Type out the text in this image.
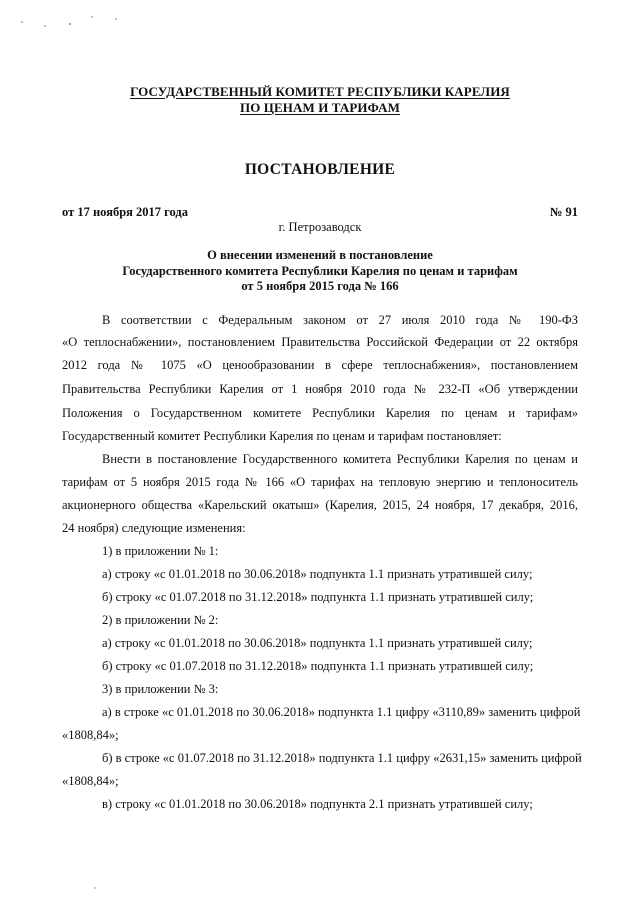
ГОСУДАРСТВЕННЫЙ КОМИТЕТ РЕСПУБЛИКИ КАРЕЛИЯ
ПО ЦЕНАМ И ТАРИФАМ
ПОСТАНОВЛЕНИЕ
от 17 ноября 2017 года	№ 91
г. Петрозаводск
О внесении изменений в постановление
Государственного комитета Республики Карелия по ценам и тарифам
от 5 ноября 2015 года № 166
В соответствии с Федеральным законом от 27 июля 2010 года № 190-ФЗ
«О теплоснабжении», постановлением Правительства Российской Федерации от 22 октября
2012 года № 1075 «О ценообразовании в сфере теплоснабжения», постановлением
Правительства Республики Карелия от 1 ноября 2010 года № 232-П «Об утверждении
Положения о Государственном комитете Республики Карелия по ценам и тарифам»
Государственный комитет Республики Карелия по ценам и тарифам постановляет:
Внести в постановление Государственного комитета Республики Карелия по ценам и
тарифам от 5 ноября 2015 года № 166 «О тарифах на тепловую энергию и теплоноситель
акционерного общества «Карельский окатыш» (Карелия, 2015, 24 ноября, 17 декабря, 2016,
24 ноября) следующие изменения:
1) в приложении № 1:
а) строку «с 01.01.2018 по 30.06.2018» подпункта 1.1 признать утратившей силу;
б) строку «с 01.07.2018 по 31.12.2018» подпункта 1.1 признать утратившей силу;
2) в приложении № 2:
а) строку «с 01.01.2018 по 30.06.2018» подпункта 1.1 признать утратившей силу;
б) строку «с 01.07.2018 по 31.12.2018» подпункта 1.1 признать утратившей силу;
3) в приложении № 3:
а) в строке «с 01.01.2018 по 30.06.2018» подпункта 1.1 цифру «3110,89» заменить цифрой
«1808,84»;
б) в строке «с 01.07.2018 по 31.12.2018» подпункта 1.1 цифру «2631,15» заменить цифрой
«1808,84»;
в) строку «с 01.01.2018 по 30.06.2018» подпункта 2.1 признать утратившей силу;
